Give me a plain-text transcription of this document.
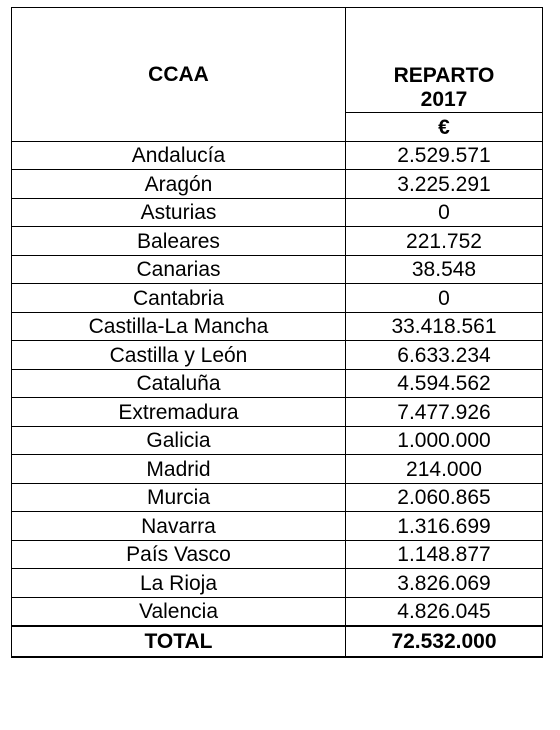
CCAA	REPARTO
2017

	€
Andalucía	2.529.571
Aragón	3.225.291
Asturias	0
Baleares	221.752
Canarias	38.548
Cantabria	0
Castilla-La Mancha	33.418.561
Castilla y León	6.633.234
Cataluña	4.594.562
Extremadura	7.477.926
Galicia	1.000.000
Madrid	214.000
Murcia	2.060.865
Navarra	1.316.699
País Vasco	1.148.877
La Rioja	3.826.069
Valencia	4.826.045
TOTAL	72.532.000
